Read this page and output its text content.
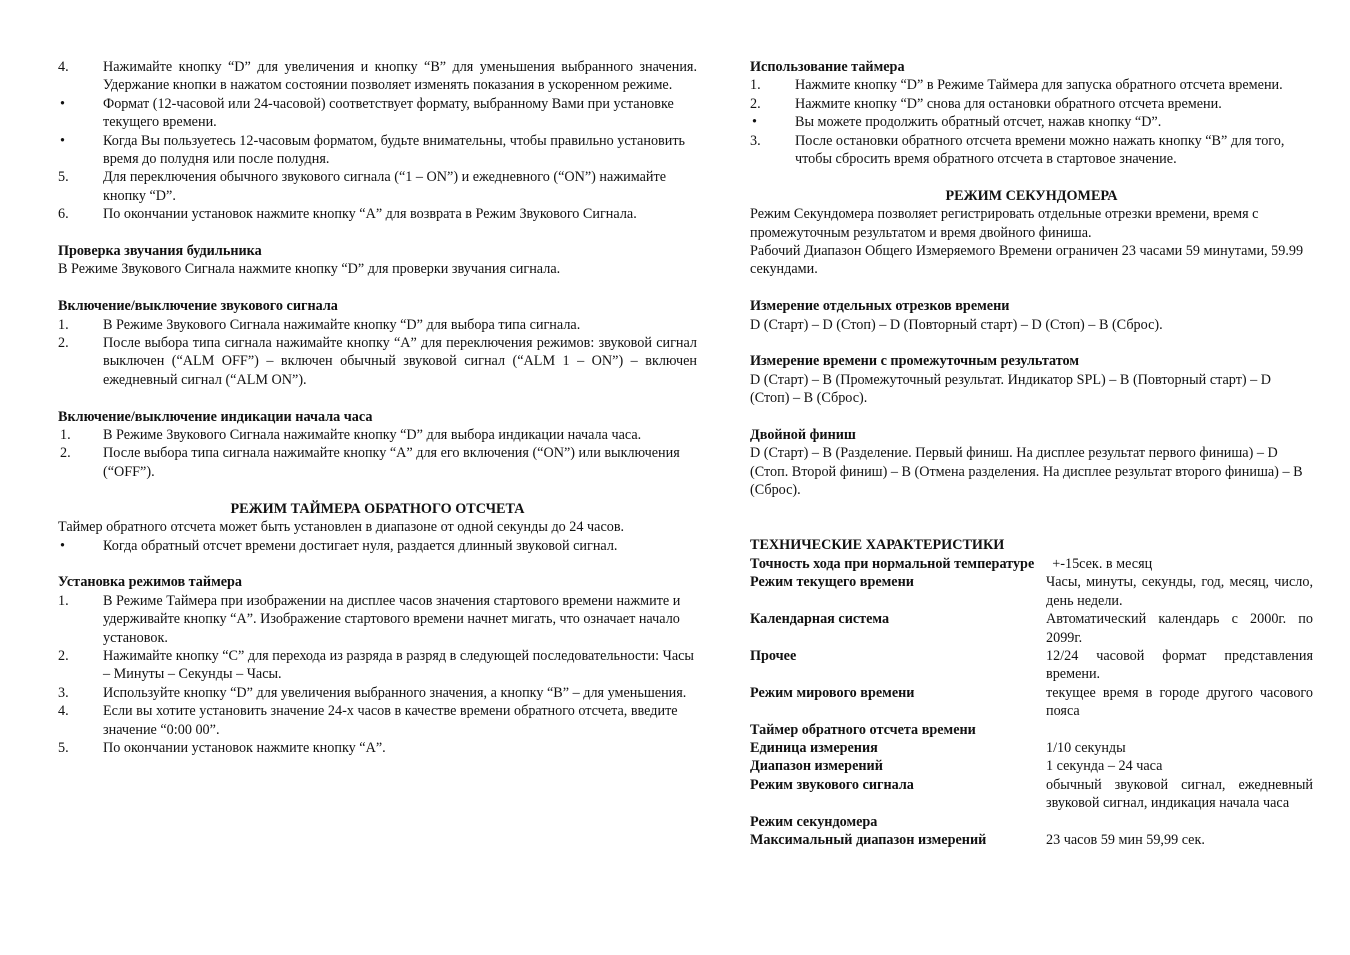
4.	Нажимайте кнопку “D” для увеличения и кнопку “B” для уменьшения выбранного значения. Удержание кнопки в нажатом состоянии позволяет изменять показания в ускоренном режиме.
•	Формат (12-часовой или 24-часовой) соответствует формату, выбранному Вами при установке текущего времени.
•	Когда Вы пользуетесь 12-часовым форматом, будьте внимательны, чтобы правильно установить время до полудня или после полудня.
5.	Для переключения обычного звукового сигнала (“1 – ON”) и ежедневного (“ON”) нажимайте кнопку “D”.
6.	По окончании установок нажмите кнопку “A” для возврата в Режим Звукового Сигнала.
Проверка звучания будильника

В Режиме Звукового Сигнала нажмите кнопку “D” для проверки звучания сигнала.

Включение/выключение звукового сигнала
1.	В Режиме Звукового Сигнала нажимайте кнопку “D” для выбора типа сигнала.
2.	После выбора типа сигнала нажимайте кнопку “A” для переключения режимов: звуковой сигнал выключен (“ALM OFF”) – включен обычный звуковой сигнал (“ALM 1 – ON”) – включен ежедневный сигнал (“ALM ON”).
Включение/выключение индикации начала часа
1.	В Режиме Звукового Сигнала нажимайте кнопку “D” для выбора индикации начала часа.
2.	После выбора типа сигнала нажимайте кнопку “A” для его включения (“ON”) или выключения (“OFF”).
РЕЖИМ ТАЙМЕРА ОБРАТНОГО ОТСЧЕТА

Таймер обратного отсчета может быть установлен в диапазоне от одной секунды до 24 часов.

•	Когда обратный отсчет времени достигает нуля, раздается длинный звуковой сигнал.
Установка режимов таймера
1.	В Режиме Таймера при изображении на дисплее часов значения стартового времени нажмите и удерживайте кнопку “A”. Изображение стартового времени начнет мигать, что означает начало установок.
2.	Нажимайте кнопку “C” для перехода из разряда в разряд в следующей последовательности: Часы – Минуты – Секунды – Часы.
3.	Используйте кнопку “D” для увеличения выбранного значения, а кнопку “B” – для уменьшения.
4.	Если вы хотите установить значение 24-х часов в качестве времени обратного отсчета, введите значение “0:00 00”.
5.	По окончании установок нажмите кнопку “A”.
Использование таймера
1.	Нажмите кнопку “D” в Режиме Таймера для запуска обратного отсчета времени.
2.	Нажмите кнопку “D” снова для остановки обратного отсчета времени.
•	Вы можете продолжить обратный отсчет, нажав кнопку “D”.
3.	После остановки обратного отсчета времени можно нажать кнопку “B” для того, чтобы сбросить время обратного отсчета в стартовое значение.
РЕЖИМ СЕКУНДОМЕРА

Режим Секундомера позволяет регистрировать отдельные отрезки времени, время с промежуточным результатом и время двойного финиша.

Рабочий Диапазон Общего Измеряемого Времени ограничен 23 часами 59 минутами, 59.99 секундами.

Измерение отдельных отрезков времени

D (Старт) – D (Стоп) – D (Повторный старт) – D (Стоп) – B (Сброс).

Измерение времени с промежуточным результатом

D (Старт) – B (Промежуточный результат. Индикатор SPL) – B (Повторный старт) – D (Стоп) – B (Сброс).

Двойной финиш

D (Старт) – B (Разделение. Первый финиш. На дисплее результат первого финиша) – D (Стоп. Второй финиш) – B (Отмена разделения. На дисплее результат второго финиша) – B (Сброс).

ТЕХНИЧЕСКИЕ ХАРАКТЕРИСТИКИ
Точность хода при нормальной температуре +-15сек. в месяц
Режим текущего времени	Часы, минуты, секунды, год, месяц, число, день недели.
Календарная система	Автоматический календарь с 2000г. по 2099г.
Прочее	12/24 часовой формат представления времени.
Режим мирового времени	текущее время в городе другого часового пояса
Таймер обратного отсчета времени
Единица измерения	1/10 секунды
Диапазон измерений	1 секунда – 24 часа
Режим звукового сигнала	обычный звуковой сигнал, ежедневный звуковой сигнал, индикация начала часа
Режим секундомера
Максимальный диапазон измерений	23 часов 59 мин 59,99 сек.
